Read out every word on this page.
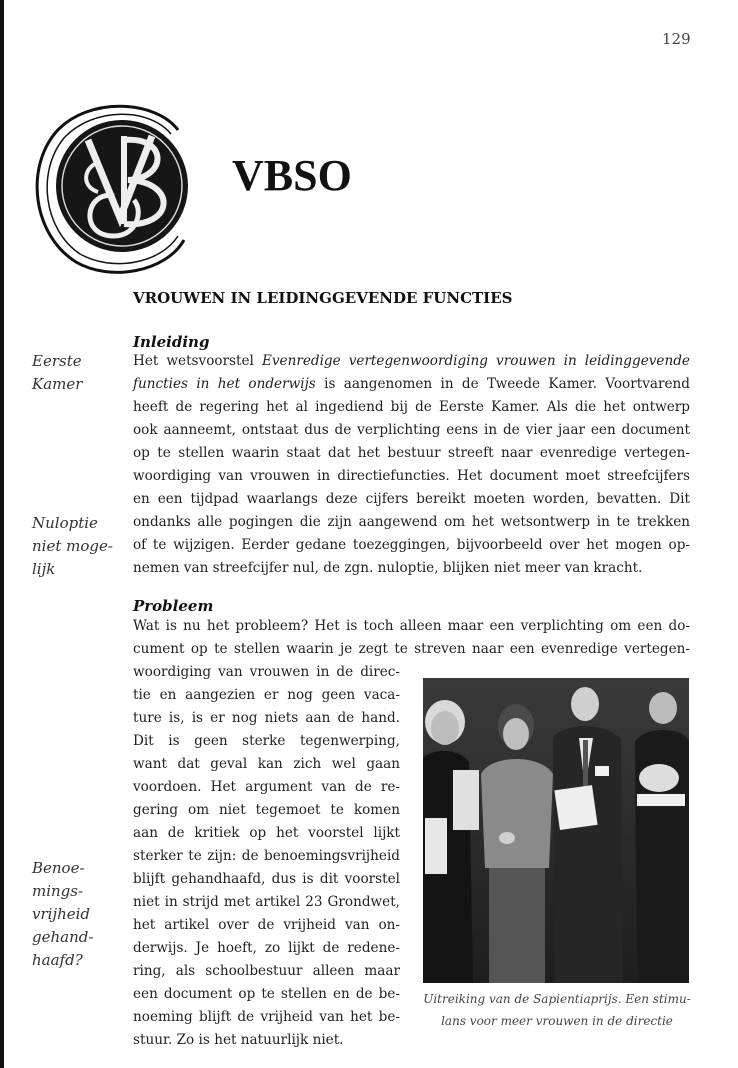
129
VBSO
VROUWEN IN LEIDINGGEVENDE FUNCTIES
Eerste
Kamer
Nuloptie
niet moge-
lijk
Benoe-
mings-
vrijheid
gehand-
haafd?
Inleiding
Het wetsvoorstel Evenredige vertegenwoordiging vrouwen in leidinggevende
functies in het onderwijs is aangenomen in de Tweede Kamer. Voortvarend
heeft de regering het al ingediend bij de Eerste Kamer. Als die het ontwerp
ook aanneemt, ontstaat dus de verplichting eens in de vier jaar een document
op te stellen waarin staat dat het bestuur streeft naar evenredige vertegen-
woordiging van vrouwen in directiefuncties. Het document moet streefcijfers
en een tijdpad waarlangs deze cijfers bereikt moeten worden, bevatten. Dit
ondanks alle pogingen die zijn aangewend om het wetsontwerp in te trekken
of te wijzigen. Eerder gedane toezeggingen, bijvoorbeeld over het mogen op-
nemen van streefcijfer nul, de zgn. nuloptie, blijken niet meer van kracht.
Probleem
Wat is nu het probleem? Het is toch alleen maar een verplichting om een do-
cument op te stellen waarin je zegt te streven naar een evenredige vertegen-
woordiging van vrouwen in de direc-
tie en aangezien er nog geen vaca-
ture is, is er nog niets aan de hand.
Dit is geen sterke tegenwerping,
want dat geval kan zich wel gaan
voordoen. Het argument van de re-
gering om niet tegemoet te komen
aan de kritiek op het voorstel lijkt
sterker te zijn: de benoemingsvrijheid
blijft gehandhaafd, dus is dit voorstel
niet in strijd met artikel 23 Grondwet,
het artikel over de vrijheid van on-
derwijs. Je hoeft, zo lijkt de redene-
ring, als schoolbestuur alleen maar
een document op te stellen en de be-
noeming blijft de vrijheid van het be-
stuur. Zo is het natuurlijk niet.
Uitreiking van de Sapientiaprijs. Een stimu-
lans voor meer vrouwen in de directie
